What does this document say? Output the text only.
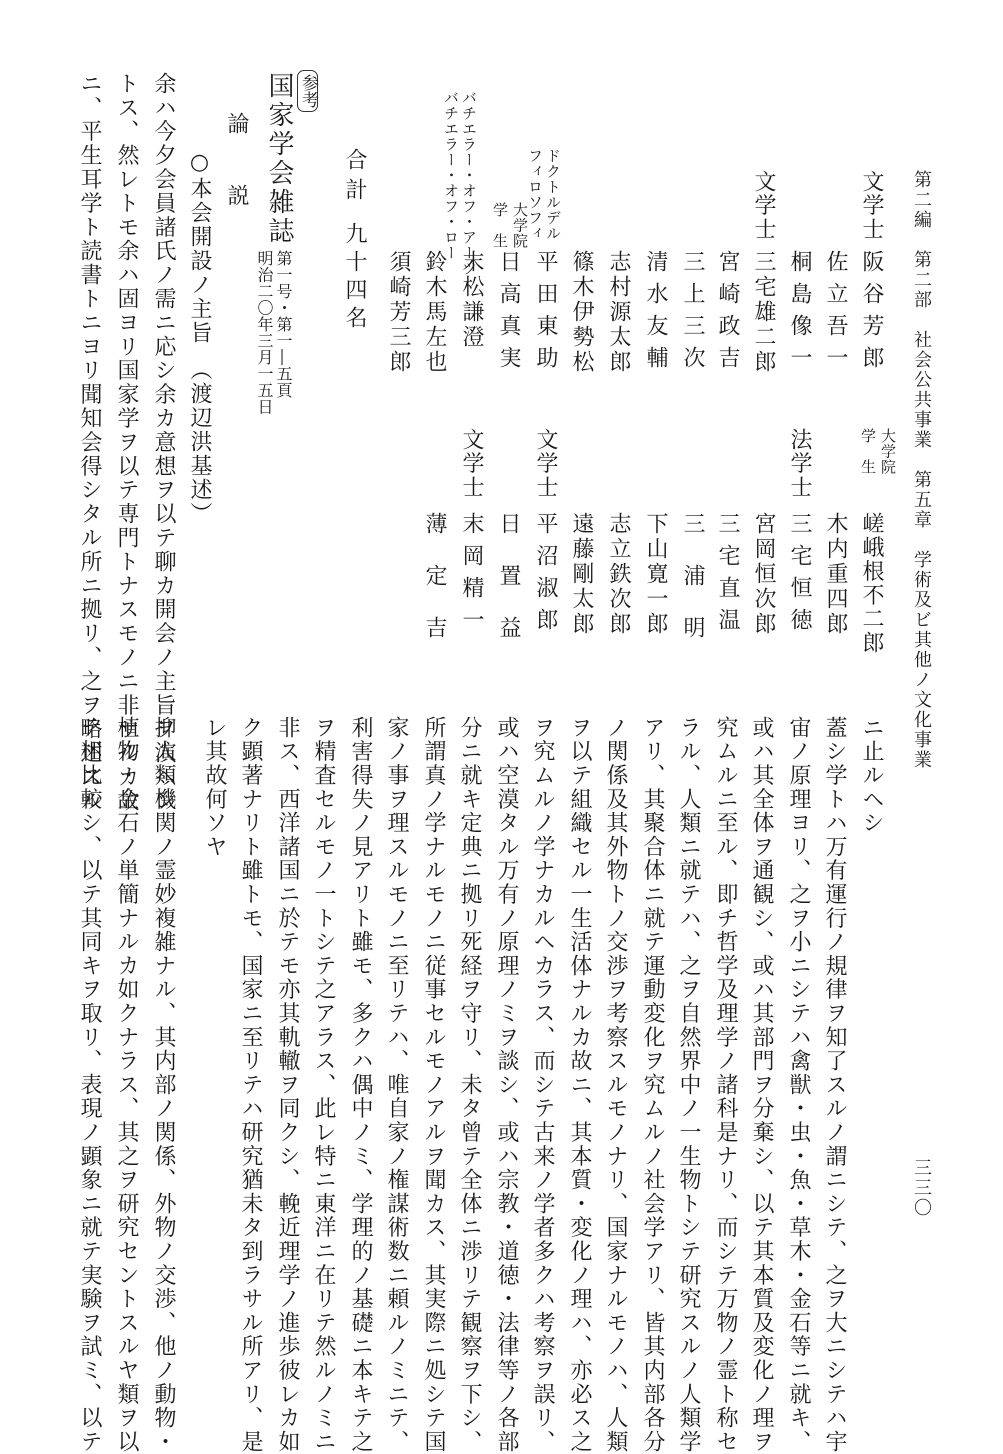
第二編　第二部　社会公共事業　第五章　学術及ビ其他ノ文化事業
三三〇
文学士
文学士
阪谷芳郎
佐立吾一
桐島像一
三宅雄二郎
宮崎政吉
三上三次
清水友輔
志村源太郎
篠木伊勢松
平田東助
日高真実
末松謙澄
鈴木馬左也
須崎芳三郎
ドクトルデル
フィロソフィ
大学院
学　生
バチエラー・オフ・アーツ
バチエラー・オフ・ロー
大学院
学　生
合計
九十四名
法学士
文学士
文学士
嵯峨根不二郎
木内重四郎
三宅恒徳
宮岡恒次郎
三宅直温
三浦明
下山寛一郎
志立鉄次郎
遠藤剛太郎
平沼淑郎
日置益
末岡精一
薄定吉
参考
国家学会雑誌
第一号・第一―五頁
明治二〇年三月一五日
論　説
○本会開設ノ主旨　（渡辺洪基述）
余ハ今夕会員諸氏ノ需ニ応シ余カ意想ヲ以テ聊カ開会ノ主旨ヲ演ヘン
トス、然レトモ余ハ固ヨリ国家学ヲ以テ専門トナスモノニ非サルカ故
ニ、平生耳学ト読書トニヨリ聞知会得シタル所ニ拠リ、之ヲ略述スル	ニ止ルヘシ
蓋シ学トハ万有運行ノ規律ヲ知了スルノ謂ニシテ、之ヲ大ニシテハ宇
宙ノ原理ヨリ、之ヲ小ニシテハ禽獣・虫・魚・草木・金石等ニ就キ、
或ハ其全体ヲ通観シ、或ハ其部門ヲ分棄シ、以テ其本質及変化ノ理ヲ
究ムルニ至ル、即チ哲学及理学ノ諸科是ナリ、而シテ万物ノ霊ト称セ
ラル、人類ニ就テハ、之ヲ自然界中ノ一生物トシテ研究スルノ人類学
アリ、其聚合体ニ就テ運動変化ヲ究ムルノ社会学アリ、皆其内部各分
ノ関係及其外物トノ交渉ヲ考察スルモノナリ、国家ナルモノハ、人類
ヲ以テ組織セル一生活体ナルカ故ニ、其本質・変化ノ理ハ、亦必ス之
ヲ究ムルノ学ナカルヘカラス、而シテ古来ノ学者多クハ考察ヲ誤リ、
或ハ空漠タル万有ノ原理ノミヲ談シ、或ハ宗教・道徳・法律等ノ各部
分ニ就キ定典ニ拠リ死経ヲ守リ、未タ曾テ全体ニ渉リテ観察ヲ下シ、
所謂真ノ学ナルモノニ従事セルモノアルヲ聞カス、其実際ニ処シテ国
家ノ事ヲ理スルモノニ至リテハ、唯自家ノ権謀術数ニ頼ルノミニテ、
利害得失ノ見アリト雖モ、多クハ偶中ノミ、学理的ノ基礎ニ本キテ之
ヲ精査セルモノ一トシテ之アラス、此レ特ニ東洋ニ在リテ然ルノミニ
非ス、西洋諸国ニ於テモ亦其軌轍ヲ同クシ、輓近理学ノ進歩彼レカ如
ク顕著ナリト雖トモ、国家ニ至リテハ研究猶未タ到ラサル所アリ、是
レ其故何ソヤ
抑人類機関ノ霊妙複雑ナル、其内部ノ関係、外物ノ交渉、他ノ動物・
植物・金石ノ単簡ナルカ如クナラス、其之ヲ研究セントスルヤ類ヲ以
テ相比較シ、以テ其同キヲ取リ、表現ノ顕象ニ就テ実験ヲ試ミ、以テ
